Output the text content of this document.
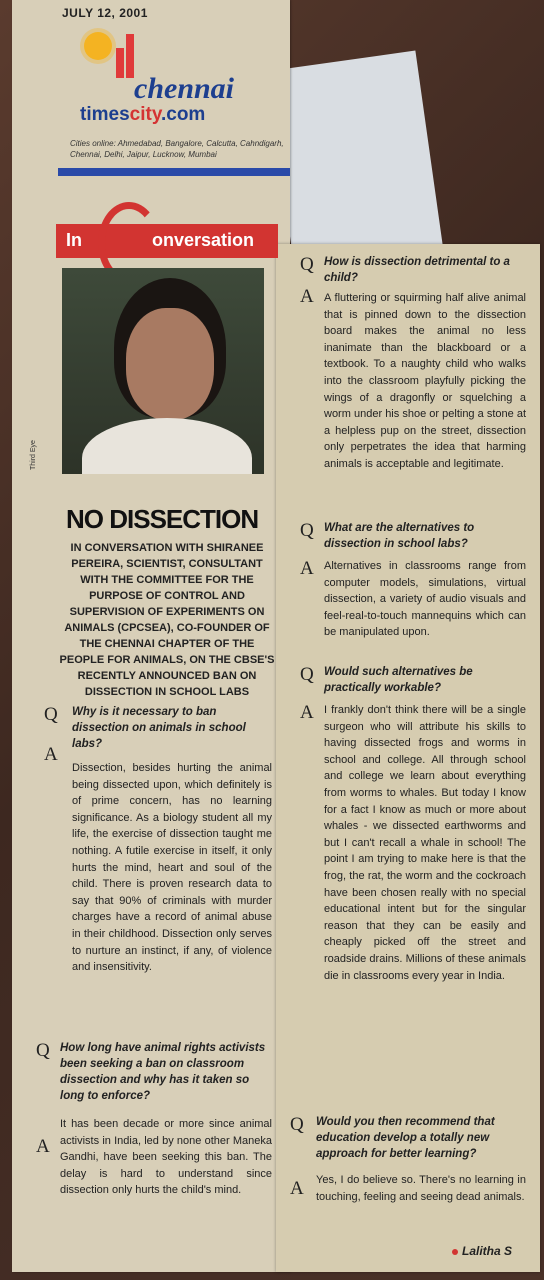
JULY 12, 2001
chennai
timescity.com
Cities online: Ahmedabad, Bangalore, Calcutta, Cahndigarh, Chennai, Delhi, Jaipur, Lucknow, Mumbai
In	onversation
Third Eye
NO DISSECTION
IN CONVERSATION WITH SHIRANEE PEREIRA, SCIENTIST, CONSULTANT WITH THE COMMITTEE FOR THE PURPOSE OF CONTROL AND SUPERVISION OF EXPERIMENTS ON ANIMALS (CPCSEA), CO-FOUNDER OF THE CHENNAI CHAPTER OF THE PEOPLE FOR ANIMALS, ON THE CBSE'S RECENTLY ANNOUNCED BAN ON DISSECTION IN SCHOOL LABS
Q Why is it necessary to ban dissection on animals in school labs?
A
Dissection, besides hurting the animal being dissected upon, which definitely is of prime concern, has no learning significance. As a biology student all my life, the exercise of dissection taught me nothing. A futile exercise in itself, it only hurts the mind, heart and soul of the child. There is proven research data to say that 90% of criminals with murder charges have a record of animal abuse in their childhood. Dissection only serves to nurture an instinct, if any, of violence and insensitivity.
Q How long have animal rights activists been seeking a ban on classroom dissection and why has it taken so long to enforce?
A
It has been decade or more since animal activists in India, led by none other Maneka Gandhi, have been seeking this ban. The delay is hard to understand since dissection only hurts the child's mind.
Q How is dissection detrimental to a child?
A A fluttering or squirming half alive animal that is pinned down to the dissection board makes the animal no less inanimate than the blackboard or a textbook. To a naughty child who walks into the classroom playfully picking the wings of a dragonfly or squelching a worm under his shoe or pelting a stone at a helpless pup on the street, dissection only perpetrates the idea that harming animals is acceptable and legitimate.
Q What are the alternatives to dissection in school labs?
A Alternatives in classrooms range from computer models, simulations, virtual dissection, a variety of audio visuals and feel-real-to-touch mannequins which can be manipulated upon.
Q Would such alternatives be practically workable?
A I frankly don't think there will be a single surgeon who will attribute his skills to having dissected frogs and worms in school and college. All through school and college we learn about everything from worms to whales. But today I know for a fact I know as much or more about whales - we dissected earthworms and but I can't recall a whale in school! The point I am trying to make here is that the frog, the rat, the worm and the cockroach have been chosen really with no special educational intent but for the singular reason that they can be easily and cheaply picked off the street and roadside drains. Millions of these animals die in classrooms every year in India.
Q Would you then recommend that education develop a totally new approach for better learning?
A Yes, I do believe so. There's no learning in touching, feeling and seeing dead animals.
Lalitha S
